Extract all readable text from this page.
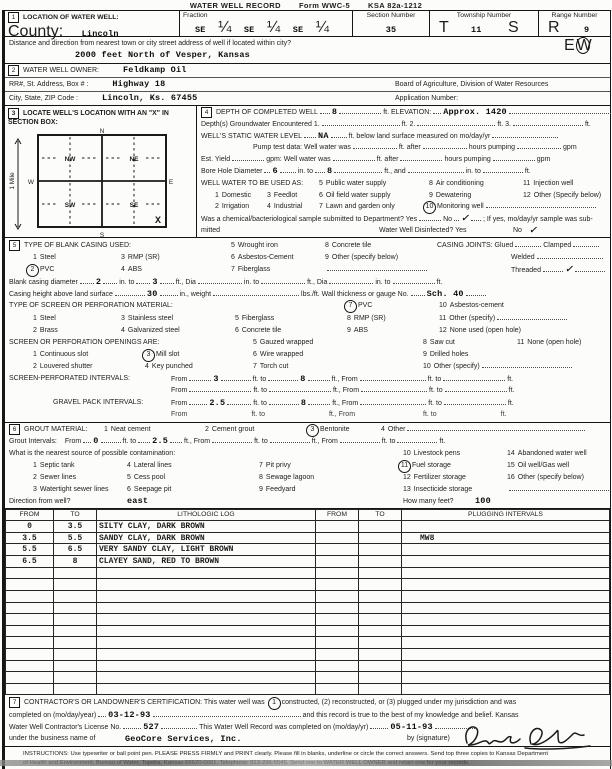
WATER WELL RECORD Form WWC-5 KSA 82a-1212
1 LOCATION OF WATER WELL:
County: Lincoln
Fraction
SE ¼ SE ¼ SE ¼
Section Number
35
Township Number
T	11 S
Range Number
R	9 E W
Distance and direction from nearest town or city street address of well if located within city?
2000 feet North of Vesper, Kansas
2 WATER WELL OWNER:	Feldkamp Oil
RR#, St. Address, Box # :	Highway 18	Board of Agriculture, Division of Water Resources
City, State, ZIP Code :	Lincoln, Ks. 67455	Application Number:
3 LOCATE WELL'S LOCATION WITH AN "X" IN SECTION BOX:
N
S
W	E
NW	NE
SW	SE
X
1 Mile
4 DEPTH OF COMPLETED WELL 8	ft. ELEVATION: Approx. 1420
Depth(s) Groundwater Encountered 1.	ft. 2.	ft. 3.	ft.
WELL'S STATIC WATER LEVEL NA	ft. below land surface measured on mo/day/yr
Pump test data: Well water was	ft. after	hours pumping	gpm
Est. Yield	gpm: Well water was	ft. after	hours pumping	gpm
Bore Hole Diameter 6	in. to 8	ft., and	in. to	ft.
WELL WATER TO BE USED AS: 5 Public water supply	8 Air conditioning	11 Injection well
1 Domestic 3 Feedlot	6 Oil field water supply	9 Dewatering	12 Other (Specify below)
2 Irrigation	4 Industrial 7 Lawn and garden only	10 Monitoring well
Was a chemical/bacteriological sample submitted to Department? Yes	No ✓ ; If yes, mo/day/yr sample was sub-
mitted	Water Well Disinfected? Yes	No ✓
5 TYPE OF BLANK CASING USED:	5 Wrought iron	8 Concrete tile	CASING JOINTS: Glued	Clamped
1 Steel	3 RMP (SR)	6 Asbestos-Cement	9 Other (specify below)	Welded
2 PVC	4 ABS	7 Fiberglass	Threaded	✓
Blank casing diameter 2	in. to 3	ft., Dia	in. to	ft., Dia	in. to	ft.
Casing height above land surface	30	in., weight	lbs./ft. Wall thickness or gauge No. Sch. 40
TYPE OF SCREEN OR PERFORATION MATERIAL:	7 PVC	10 Asbestos-cement
1 Steel	3 Stainless steel	5 Fiberglass	8 RMP (SR)	11 Other (specify)
2 Brass	4 Galvanized steel	6 Concrete tile	9 ABS	12 None used (open hole)
SCREEN OR PERFORATION OPENINGS ARE:	5 Gauzed wrapped	8 Saw cut	11 None (open hole)
1 Continuous slot	3 Mill slot	6 Wire wrapped	9 Drilled holes
2 Louvered shutter	4 Key punched	7 Torch cut	10 Other (specify)
SCREEN-PERFORATED INTERVALS:	From	3	ft. to	8	ft., From	ft. to	ft.
From	ft. to	ft., From	ft. to	ft.
GRAVEL PACK INTERVALS:	From	2.5	ft. to	8	ft., From	ft. to	ft.
From	ft. to	ft., From	ft. to	ft.
6 GROUT MATERIAL: 1 Neat cement	2 Cement grout	3 Bentonite	4 Other
Grout Intervals: From 0	ft. to 2.5 ft., From	ft. to	ft., From	ft. to	ft.
What is the nearest source of possible contamination:	10 Livestock pens	14 Abandoned water well
1 Septic tank	4 Lateral lines	7 Pit privy	11 Fuel storage	15 Oil well/Gas well
2 Sewer lines	5 Cess pool	8 Sewage lagoon	12 Fertilizer storage	16 Other (specify below)
3 Watertight sewer lines	6 Seepage pit	9 Feedyard	13 Insecticide storage
Direction from well?	east	How many feet?	100
FROM	TO	LITHOLOGIC LOG	FROM	TO	PLUGGING INTERVALS
0	3.5	SILTY CLAY, DARK BROWN			
3.5	5.5	SANDY CLAY, DARK BROWN			MW8
5.5	6.5	VERY SANDY CLAY, LIGHT BROWN			
6.5	8	CLAYEY SAND, RED TO BROWN			

7 CONTRACTOR'S OR LANDOWNER'S CERTIFICATION: This water well was 1 constructed, (2) reconstructed, or (3) plugged under my jurisdiction and was
completed on (mo/day/year) 03-12-93	and this record is true to the best of my knowledge and belief. Kansas
Water Well Contractor's License No.	527	This Water Well Record was completed on (mo/day/yr)	05-11-93
under the business name of	GeoCore Services, Inc.	by (signature)
INSTRUCTIONS: Use typewriter or ball point pen. PLEASE PRESS FIRMLY and PRINT clearly. Please fill in blanks, underline or circle the correct answers. Send top three copies to Kansas Department
